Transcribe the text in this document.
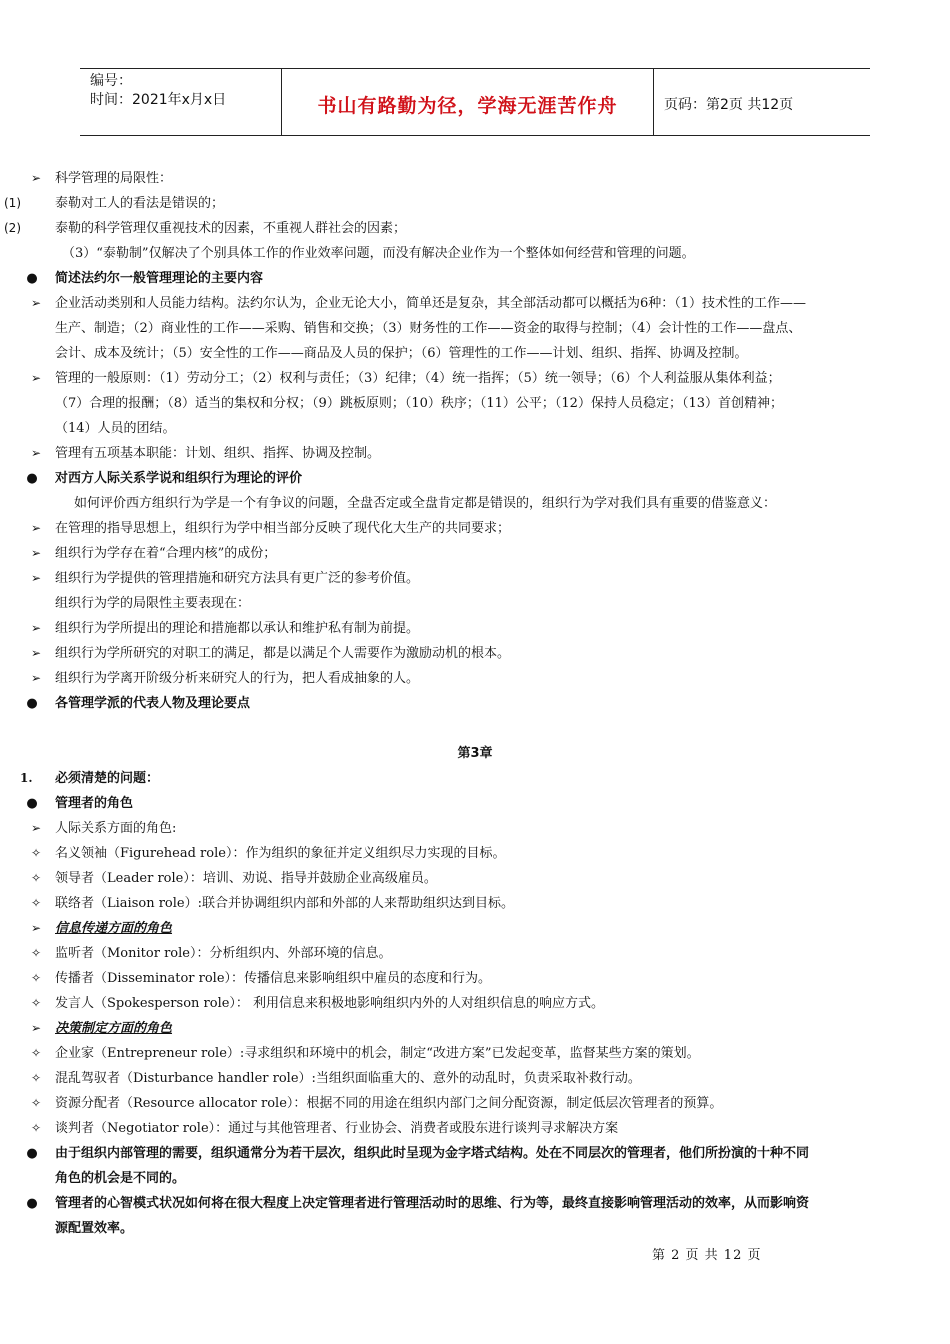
编号：
时间：2021年x月x日	书山有路勤为径，学海无涯苦作舟	页码：第2页 共12页
➢ 科学管理的局限性：
(1)	泰勒对工人的看法是错误的；
(2)	泰勒的科学管理仅重视技术的因素，不重视人群社会的因素；
（3）“泰勒制”仅解决了个别具体工作的作业效率问题，而没有解决企业作为一个整体如何经营和管理的问题。
● 简述法约尔一般管理理论的主要内容
➢ 企业活动类别和人员能力结构。法约尔认为，企业无论大小，简单还是复杂，其全部活动都可以概括为6种：（1）技术性的工作——
生产、制造；（2）商业性的工作——采购、销售和交换；（3）财务性的工作——资金的取得与控制；（4）会计性的工作——盘点、
会计、成本及统计；（5）安全性的工作——商品及人员的保护；（6）管理性的工作——计划、组织、指挥、协调及控制。
➢ 管理的一般原则：（1）劳动分工；（2）权利与责任；（3）纪律；（4）统一指挥；（5）统一领导；（6）个人利益服从集体利益；
（7）合理的报酬；（8）适当的集权和分权；（9）跳板原则；（10）秩序；（11）公平；（12）保持人员稳定；（13）首创精神；
（14）人员的团结。
➢ 管理有五项基本职能：计划、组织、指挥、协调及控制。
● 对西方人际关系学说和组织行为理论的评价
如何评价西方组织行为学是一个有争议的问题，全盘否定或全盘肯定都是错误的，组织行为学对我们具有重要的借鉴意义：
➢ 在管理的指导思想上，组织行为学中相当部分反映了现代化大生产的共同要求；
➢ 组织行为学存在着“合理内核”的成份；
➢ 组织行为学提供的管理措施和研究方法具有更广泛的参考价值。
组织行为学的局限性主要表现在：
➢ 组织行为学所提出的理论和措施都以承认和维护私有制为前提。
➢ 组织行为学所研究的对职工的满足，都是以满足个人需要作为激励动机的根本。
➢ 组织行为学离开阶级分析来研究人的行为，把人看成抽象的人。
● 各管理学派的代表人物及理论要点
第3章
1.	必须清楚的问题：
● 管理者的角色
➢ 人际关系方面的角色:
✧ 名义领袖（Figurehead role）：作为组织的象征并定义组织尽力实现的目标。
✧ 领导者（Leader role）：培训、劝说、指导并鼓励企业高级雇员。
✧ 联络者（Liaison role）:联合并协调组织内部和外部的人来帮助组织达到目标。
➢ 信息传递方面的角色
✧ 监听者（Monitor role）：分析组织内、外部环境的信息。
✧ 传播者（Disseminator role）：传播信息来影响组织中雇员的态度和行为。
✧ 发言人（Spokesperson role）： 利用信息来积极地影响组织内外的人对组织信息的响应方式。
➢ 决策制定方面的角色
✧ 企业家（Entrepreneur role）:寻求组织和环境中的机会，制定“改进方案”已发起变革，监督某些方案的策划。
✧ 混乱驾驭者（Disturbance handler role）:当组织面临重大的、意外的动乱时，负责采取补救行动。
✧ 资源分配者（Resource allocator role）：根据不同的用途在组织内部门之间分配资源，制定低层次管理者的预算。
✧ 谈判者（Negotiator role）：通过与其他管理者、行业协会、消费者或股东进行谈判寻求解决方案
● 由于组织内部管理的需要，组织通常分为若干层次，组织此时呈现为金字塔式结构。处在不同层次的管理者，他们所扮演的十种不同
角色的机会是不同的。
● 管理者的心智模式状况如何将在很大程度上决定管理者进行管理活动时的思维、行为等，最终直接影响管理活动的效率，从而影响资
源配置效率。
第 2 页 共 12 页
